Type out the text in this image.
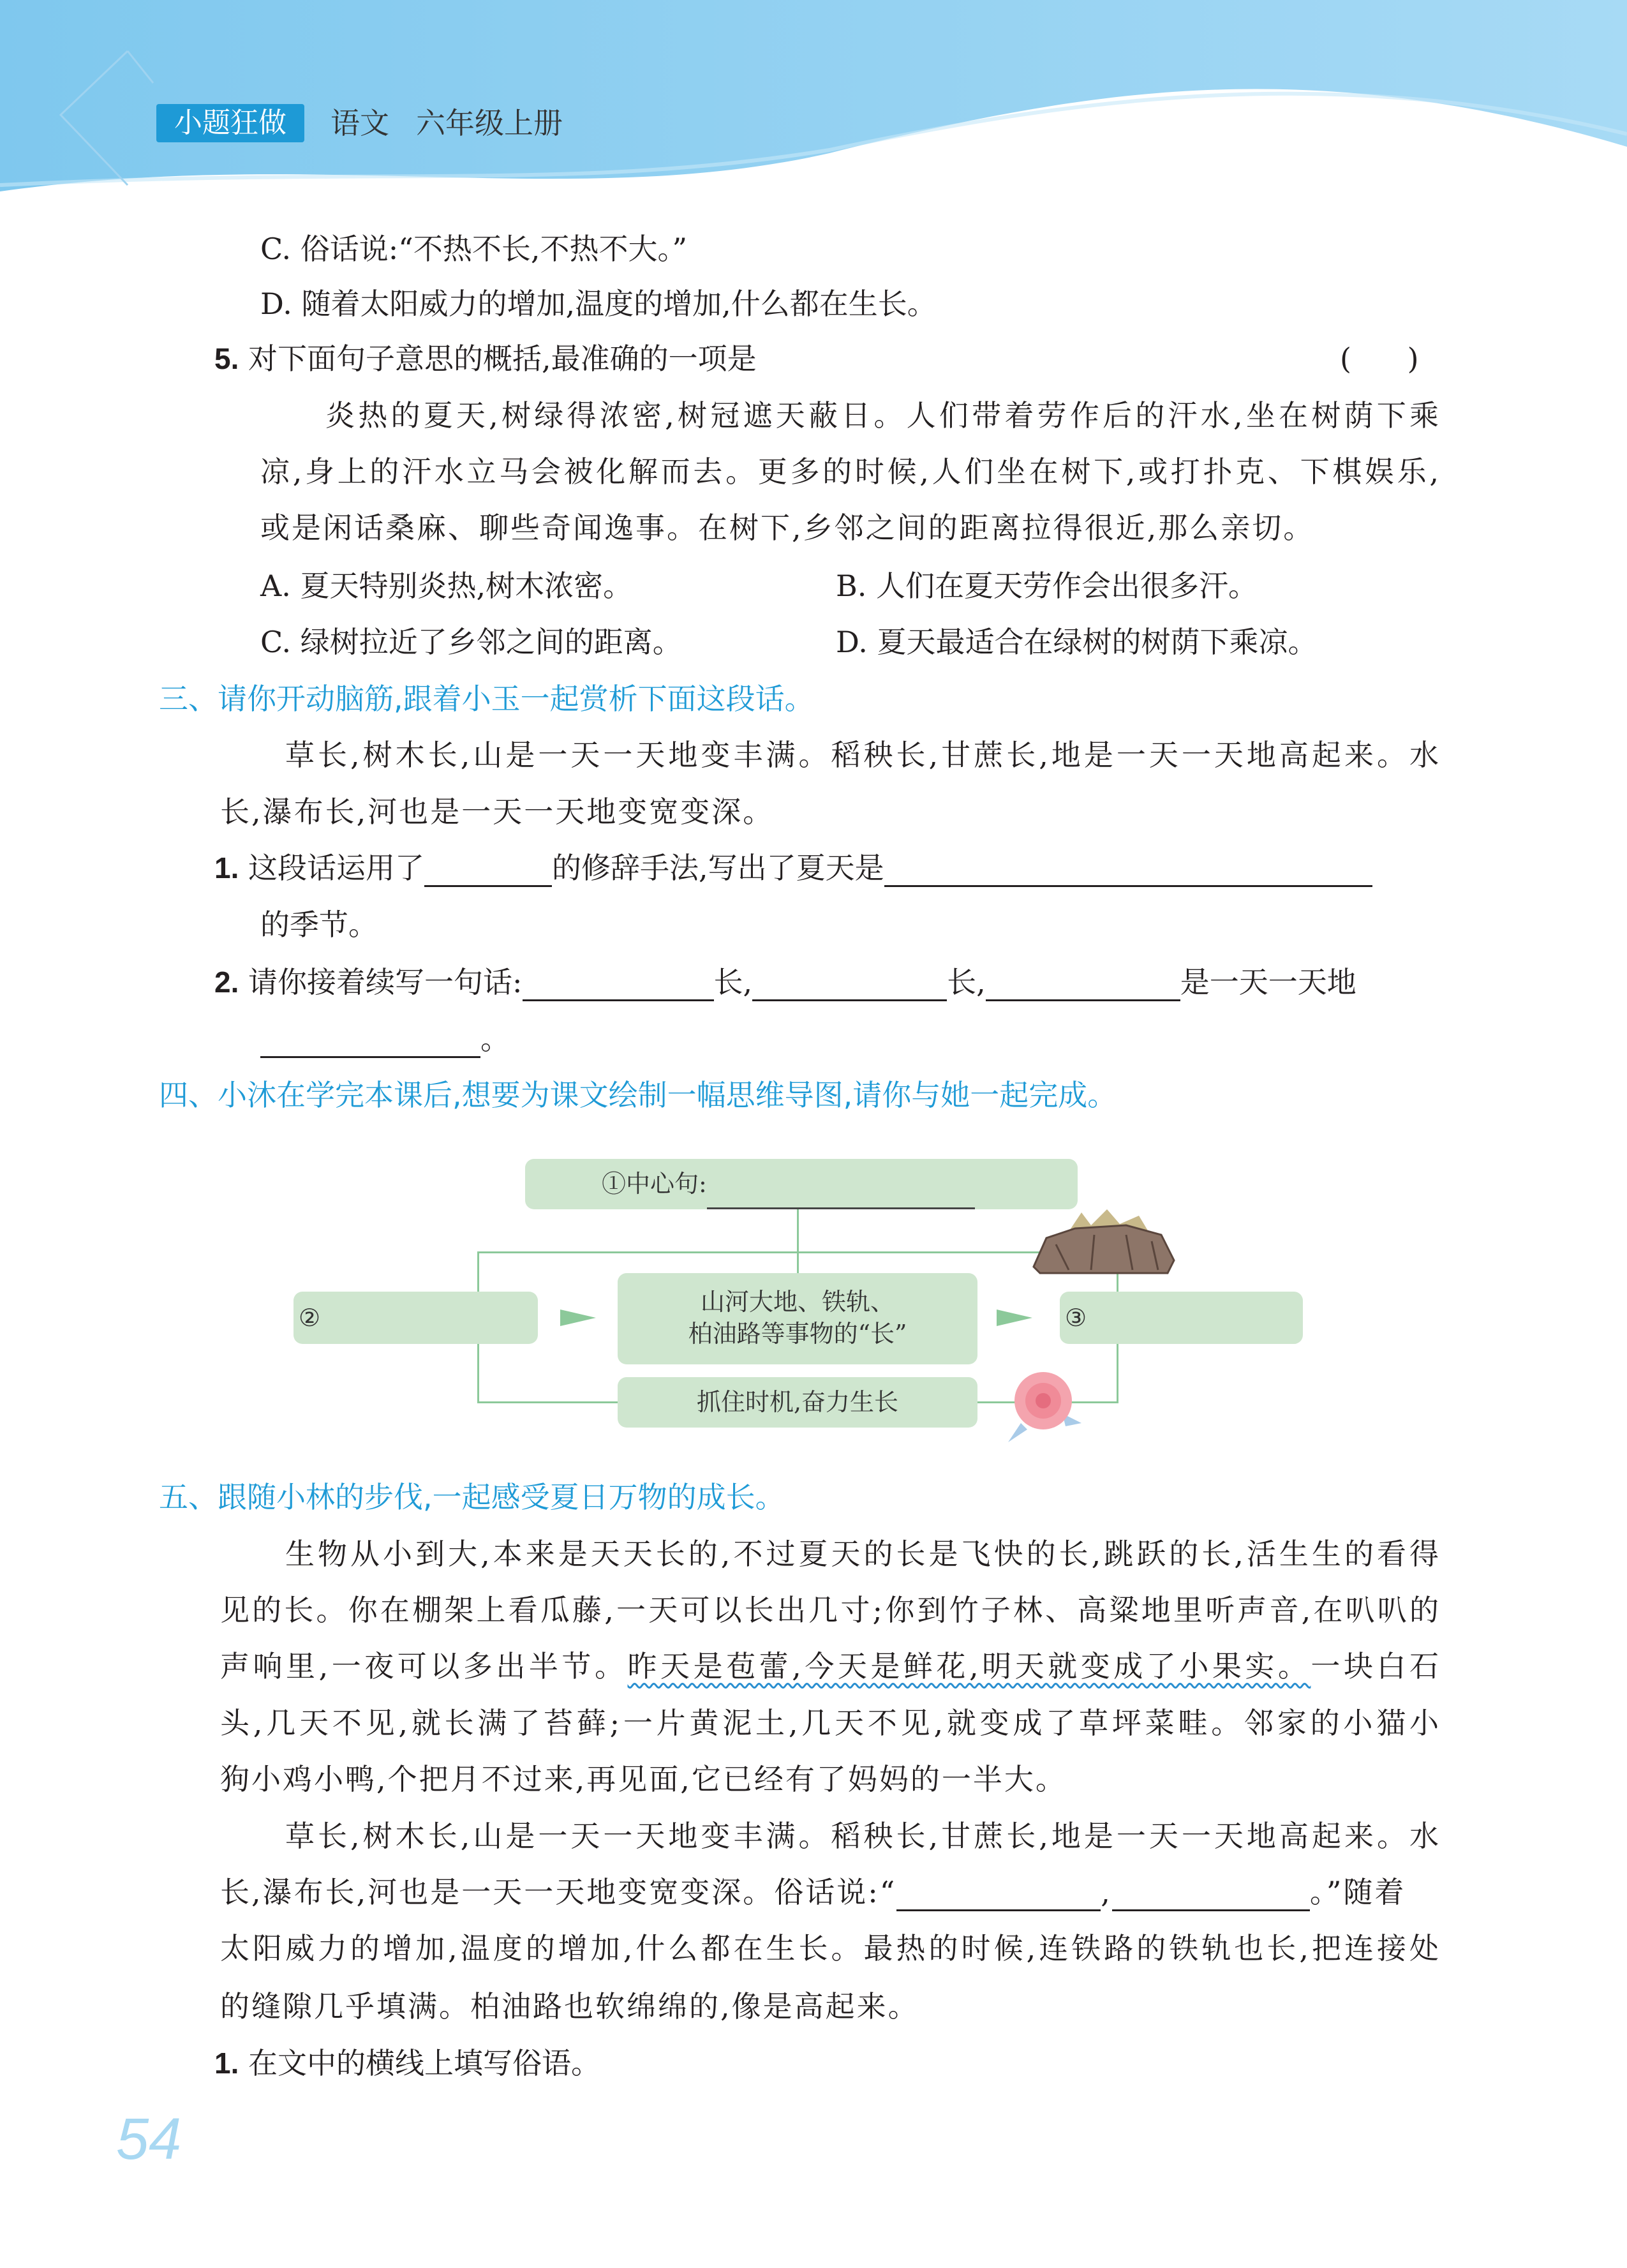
小题狂做	语文 六年级上册
C. 俗话说:“不热不长,不热不大。”
D. 随着太阳威力的增加,温度的增加,什么都在生长。
5. 对下面句子意思的概括,最准确的一项是	(      )
炎热的夏天,树绿得浓密,树冠遮天蔽日。人们带着劳作后的汗水,坐在树荫下乘
凉,身上的汗水立马会被化解而去。更多的时候,人们坐在树下,或打扑克、下棋娱乐,
或是闲话桑麻、聊些奇闻逸事。在树下,乡邻之间的距离拉得很近,那么亲切。
A. 夏天特别炎热,树木浓密。	B. 人们在夏天劳作会出很多汗。
C. 绿树拉近了乡邻之间的距离。	D. 夏天最适合在绿树的树荫下乘凉。
三、请你开动脑筋,跟着小玉一起赏析下面这段话。
草长,树木长,山是一天一天地变丰满。稻秧长,甘蔗长,地是一天一天地高起来。水
长,瀑布长,河也是一天一天地变宽变深。
1. 这段话运用了	的修辞手法,写出了夏天是
的季节。
2. 请你接着续写一句话:	长,	长,	是一天一天地
。
四、小沐在学完本课后,想要为课文绘制一幅思维导图,请你与她一起完成。
①中心句:
②
山河大地、铁轨、
柏油路等事物的“长”
③
抓住时机,奋力生长
五、跟随小林的步伐,一起感受夏日万物的成长。
生物从小到大,本来是天天长的,不过夏天的长是飞快的长,跳跃的长,活生生的看得
见的长。你在棚架上看瓜藤,一天可以长出几寸;你到竹子林、高粱地里听声音,在叭叭的
声响里,一夜可以多出半节。昨天是苞蕾,今天是鲜花,明天就变成了小果实。一块白石
头,几天不见,就长满了苔藓;一片黄泥土,几天不见,就变成了草坪菜畦。邻家的小猫小
狗小鸡小鸭,个把月不过来,再见面,它已经有了妈妈的一半大。
草长,树木长,山是一天一天地变丰满。稻秧长,甘蔗长,地是一天一天地高起来。水
长,瀑布长,河也是一天一天地变宽变深。俗话说:“	,	。”随着
太阳威力的增加,温度的增加,什么都在生长。最热的时候,连铁路的铁轨也长,把连接处
的缝隙几乎填满。柏油路也软绵绵的,像是高起来。
1. 在文中的横线上填写俗语。
54
